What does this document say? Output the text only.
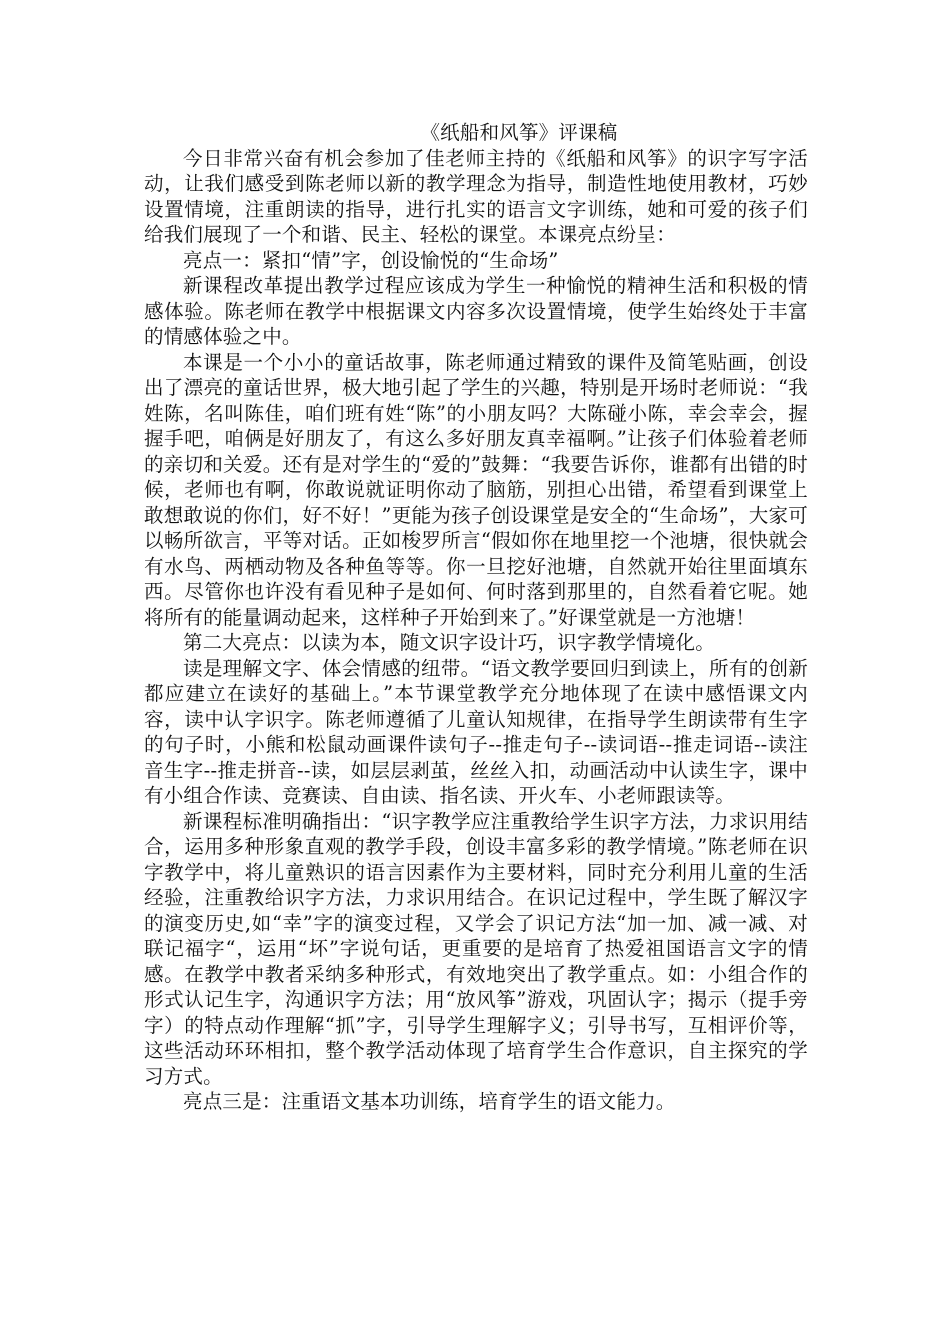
《纸船和风筝》评课稿

今日非常兴奋有机会参加了佳老师主持的《纸船和风筝》的识字写字活动，让我们感受到陈老师以新的教学理念为指导，制造性地使用教材，巧妙设置情境，注重朗读的指导，进行扎实的语言文字训练，她和可爱的孩子们给我们展现了一个和谐、民主、轻松的课堂。本课亮点纷呈：

亮点一：紧扣“情”字，创设愉悦的“生命场”

新课程改革提出教学过程应该成为学生一种愉悦的精神生活和积极的情感体验。陈老师在教学中根据课文内容多次设置情境，使学生始终处于丰富的情感体验之中。

本课是一个小小的童话故事，陈老师通过精致的课件及简笔贴画，创设出了漂亮的童话世界，极大地引起了学生的兴趣，特别是开场时老师说：“我姓陈，名叫陈佳，咱们班有姓“陈”的小朋友吗？大陈碰小陈，幸会幸会，握握手吧，咱俩是好朋友了，有这么多好朋友真幸福啊。”让孩子们体验着老师的亲切和关爱。还有是对学生的“爱的”鼓舞：“我要告诉你，谁都有出错的时候，老师也有啊，你敢说就证明你动了脑筋，别担心出错，希望看到课堂上敢想敢说的你们，好不好！”更能为孩子创设课堂是安全的“生命场”，大家可以畅所欲言，平等对话。正如梭罗所言“假如你在地里挖一个池塘，很快就会有水鸟、两栖动物及各种鱼等等。你一旦挖好池塘，自然就开始往里面填东西。尽管你也许没有看见种子是如何、何时落到那里的，自然看着它呢。她将所有的能量调动起来，这样种子开始到来了。”好课堂就是一方池塘！

第二大亮点：以读为本，随文识字设计巧，识字教学情境化。

读是理解文字、体会情感的纽带。“语文教学要回归到读上，所有的创新都应建立在读好的基础上。”本节课堂教学充分地体现了在读中感悟课文内容，读中认字识字。陈老师遵循了儿童认知规律，在指导学生朗读带有生字的句子时，小熊和松鼠动画课件读句子--推走句子--读词语--推走词语--读注音生字--推走拼音--读，如层层剥茧，丝丝入扣，动画活动中认读生字，课中有小组合作读、竞赛读、自由读、指名读、开火车、小老师跟读等。

新课程标准明确指出：“识字教学应注重教给学生识字方法，力求识用结合，运用多种形象直观的教学手段，创设丰富多彩的教学情境。”陈老师在识字教学中，将儿童熟识的语言因素作为主要材料，同时充分利用儿童的生活经验，注重教给识字方法，力求识用结合。在识记过程中，学生既了解汉字的演变历史,如“幸”字的演变过程，又学会了识记方法“加一加、减一减、对联记福字“，运用“坏”字说句话，更重要的是培育了热爱祖国语言文字的情感。在教学中教者采纳多种形式，有效地突出了教学重点。如：小组合作的形式认记生字，沟通识字方法；用“放风筝”游戏，巩固认字；揭示（提手旁字）的特点动作理解“抓”字，引导学生理解字义；引导书写，互相评价等，这些活动环环相扣，整个教学活动体现了培育学生合作意识，自主探究的学习方式。

亮点三是：注重语文基本功训练，培育学生的语文能力。
